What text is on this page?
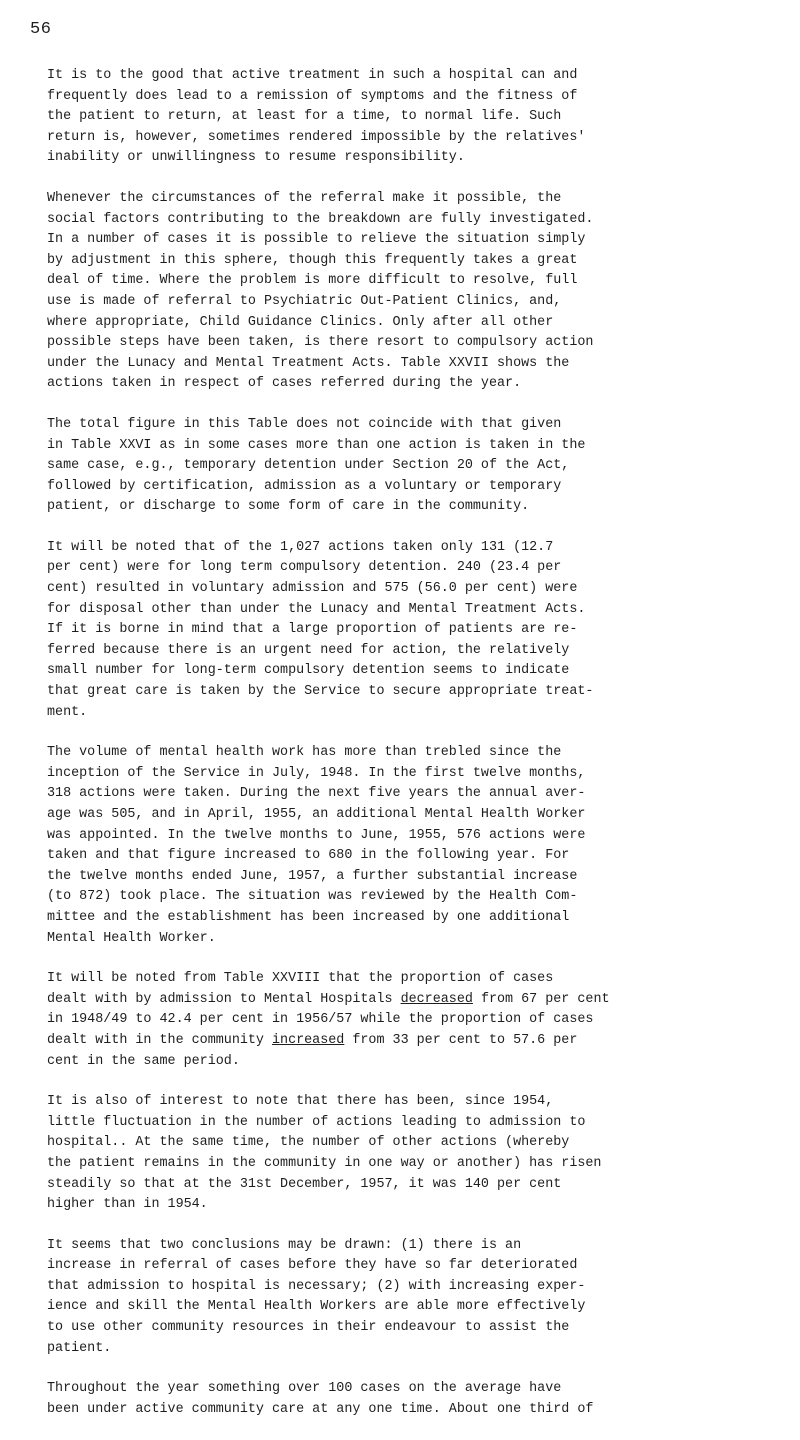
56
It is to the good that active treatment in such a hospital can and
frequently does lead to a remission of symptoms and the fitness of
the patient to return, at least for a time, to normal life. Such
return is, however, sometimes rendered impossible by the relatives'
inability or unwillingness to resume responsibility.
Whenever the circumstances of the referral make it possible, the
social factors contributing to the breakdown are fully investigated.
In a number of cases it is possible to relieve the situation simply
by adjustment in this sphere, though this frequently takes a great
deal of time. Where the problem is more difficult to resolve, full
use is made of referral to Psychiatric Out-Patient Clinics, and,
where appropriate, Child Guidance Clinics. Only after all other
possible steps have been taken, is there resort to compulsory action
under the Lunacy and Mental Treatment Acts. Table XXVII shows the
actions taken in respect of cases referred during the year.
The total figure in this Table does not coincide with that given
in Table XXVI as in some cases more than one action is taken in the
same case, e.g., temporary detention under Section 20 of the Act,
followed by certification, admission as a voluntary or temporary
patient, or discharge to some form of care in the community.
It will be noted that of the 1,027 actions taken only 131 (12.7
per cent) were for long term compulsory detention. 240 (23.4 per
cent) resulted in voluntary admission and 575 (56.0 per cent) were
for disposal other than under the Lunacy and Mental Treatment Acts.
If it is borne in mind that a large proportion of patients are re-
ferred because there is an urgent need for action, the relatively
small number for long-term compulsory detention seems to indicate
that great care is taken by the Service to secure appropriate treat-
ment.
The volume of mental health work has more than trebled since the
inception of the Service in July, 1948. In the first twelve months,
318 actions were taken. During the next five years the annual aver-
age was 505, and in April, 1955, an additional Mental Health Worker
was appointed. In the twelve months to June, 1955, 576 actions were
taken and that figure increased to 680 in the following year. For
the twelve months ended June, 1957, a further substantial increase
(to 872) took place. The situation was reviewed by the Health Com-
mittee and the establishment has been increased by one additional
Mental Health Worker.
It will be noted from Table XXVIII that the proportion of cases
dealt with by admission to Mental Hospitals decreased from 67 per cent
in 1948/49 to 42.4 per cent in 1956/57 while the proportion of cases
dealt with in the community increased from 33 per cent to 57.6 per
cent in the same period.
It is also of interest to note that there has been, since 1954,
little fluctuation in the number of actions leading to admission to
hospital.. At the same time, the number of other actions (whereby
the patient remains in the community in one way or another) has risen
steadily so that at the 31st December, 1957, it was 140 per cent
higher than in 1954.
It seems that two conclusions may be drawn: (1) there is an
increase in referral of cases before they have so far deteriorated
that admission to hospital is necessary; (2) with increasing exper-
ience and skill the Mental Health Workers are able more effectively
to use other community resources in their endeavour to assist the
patient.
Throughout the year something over 100 cases on the average have
been under active community care at any one time. About one third of
